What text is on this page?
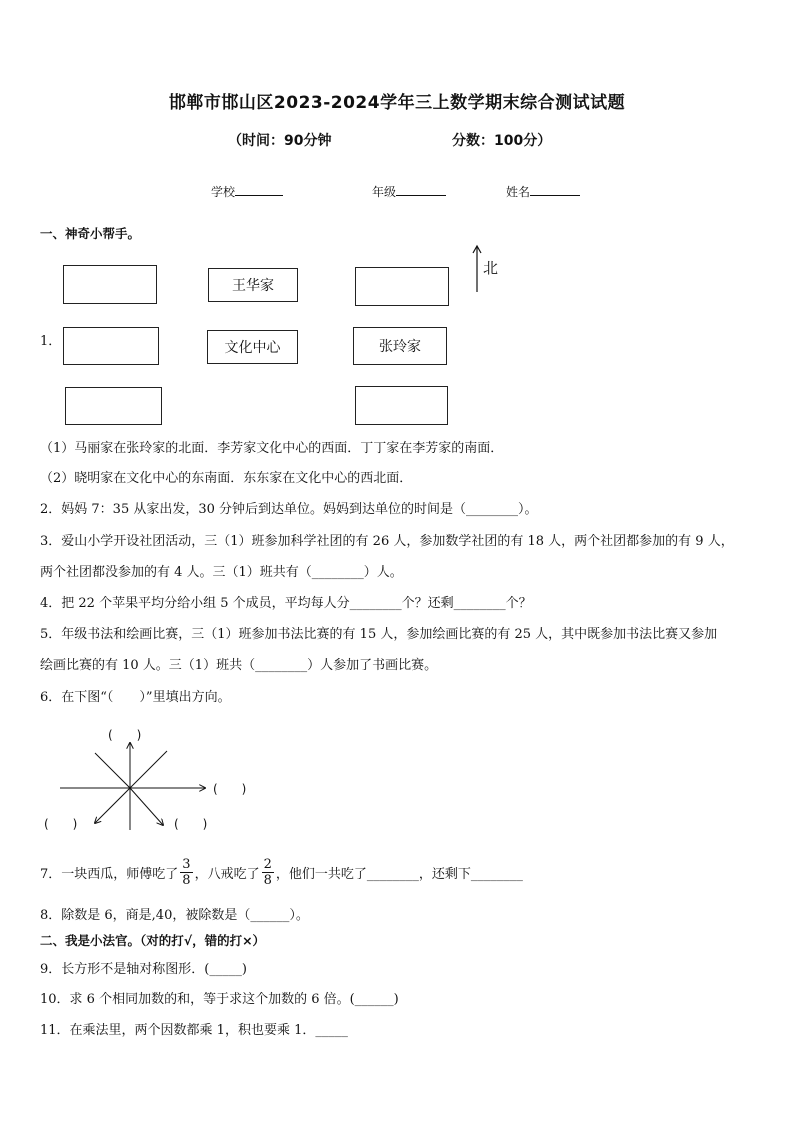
邯郸市邯山区2023-2024学年三上数学期末综合测试试题
（时间：90分钟	分数：100分）
学校	年级	姓名
一、神奇小帮手。
王华家
1．	文化中心	张玲家
北
（1）马丽家在张玲家的北面．李芳家文化中心的西面．丁丁家在李芳家的南面．
（2）晓明家在文化中心的东南面．东东家在文化中心的西北面．
2．妈妈 7：35 从家出发，30 分钟后到达单位。妈妈到达单位的时间是（________）。
3．爱山小学开设社团活动，三（1）班参加科学社团的有 26 人，参加数学社团的有 18 人，两个社团都参加的有 9 人，
两个社团都没参加的有 4 人。三（1）班共有（________）人。
4．把 22 个苹果平均分给小组 5 个成员，平均每人分________个？还剩________个？
5．年级书法和绘画比赛，三（1）班参加书法比赛的有 15 人，参加绘画比赛的有 25 人，其中既参加书法比赛又参加
绘画比赛的有 10 人。三（1）班共（________）人参加了书画比赛。
6．在下图“（　　）”里填出方向。
(　　)
(　　)
(　　)	(　　)
7．一块西瓜，师傅吃了 $\frac{3}{8}$ ，八戒吃了 $\frac{2}{8}$ ，他们一共吃了________，还剩下________
8．除数是 6，商是,40，被除数是（______）。
二、我是小法官。（对的打√，错的打×）
9．长方形不是轴对称图形．(_____)
10．求 6 个相同加数的和，等于求这个加数的 6 倍。(______)
11．在乘法里，两个因数都乘 1，积也要乘 1．_____
